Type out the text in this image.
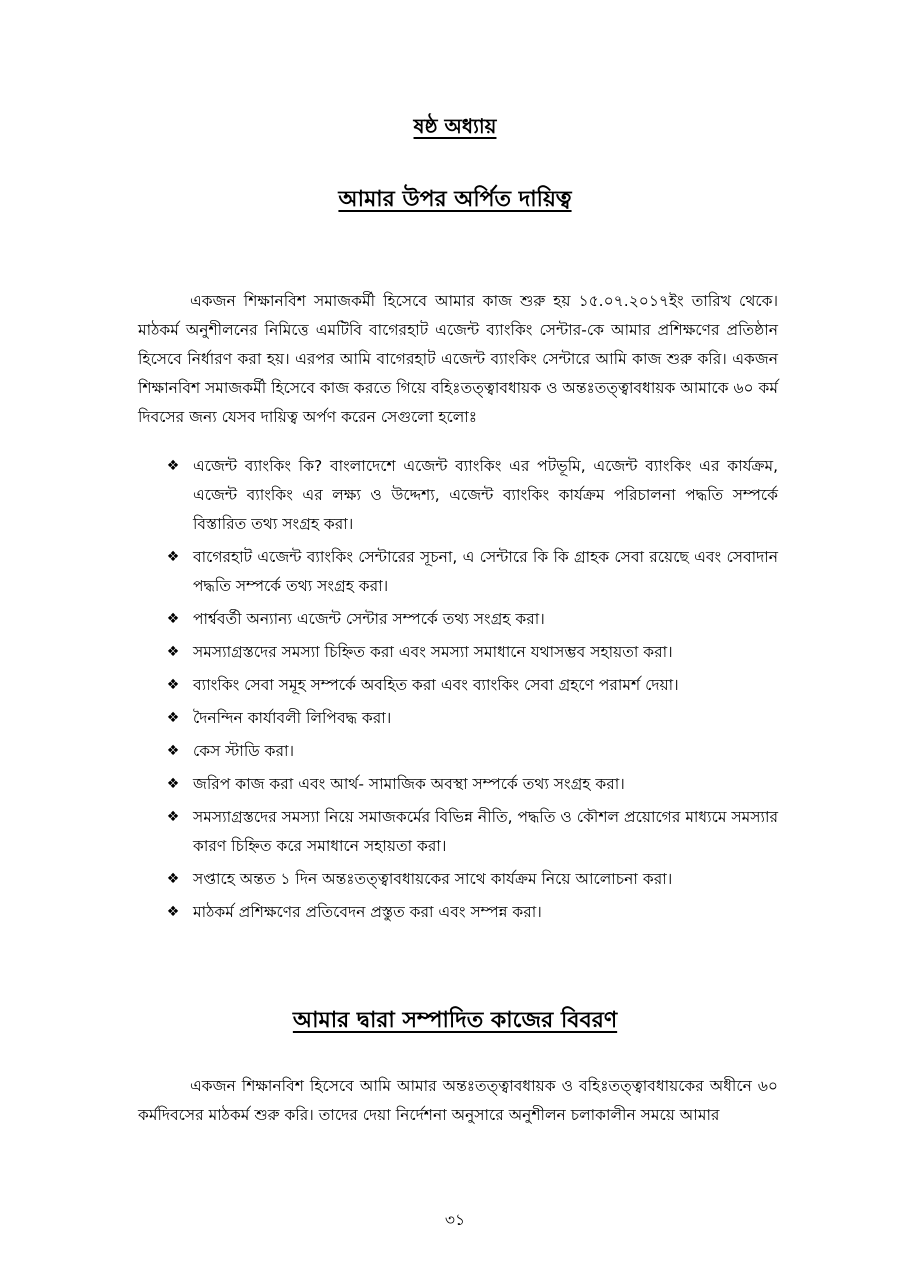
ষষ্ঠ অধ্যায়
আমার উপর অর্পিত দায়িত্ব

একজন শিক্ষানবিশ সমাজকর্মী হিসেবে আমার কাজ শুরু হয় ১৫.০৭.২০১৭ইং তারিখ থেকে। মাঠকর্ম অনুশীলনের নিমিত্তে এমটিবি বাগেরহাট এজেন্ট ব্যাংকিং সেন্টার-কে আমার প্রশিক্ষণের প্রতিষ্ঠান হিসেবে নির্ধারণ করা হয়। এরপর আমি বাগেরহাট এজেন্ট ব্যাংকিং সেন্টারে আমি কাজ শুরু করি। একজন শিক্ষানবিশ সমাজকর্মী হিসেবে কাজ করতে গিয়ে বহিঃতত্ত্বাবধায়ক ও অন্তঃতত্ত্বাবধায়ক আমাকে ৬০ কর্ম দিবসের জন্য যেসব দায়িত্ব অর্পণ করেন সেগুলো হলোঃ

❖ এজেন্ট ব্যাংকিং কি? বাংলাদেশে এজেন্ট ব্যাংকিং এর পটভূমি, এজেন্ট ব্যাংকিং এর কার্যক্রম, এজেন্ট ব্যাংকিং এর লক্ষ্য ও উদ্দেশ্য, এজেন্ট ব্যাংকিং কার্যক্রম পরিচালনা পদ্ধতি সম্পর্কে বিস্তারিত তথ্য সংগ্রহ করা।
❖ বাগেরহাট এজেন্ট ব্যাংকিং সেন্টারের সূচনা, এ সেন্টারে কি কি গ্রাহক সেবা রয়েছে এবং সেবাদান পদ্ধতি সম্পর্কে তথ্য সংগ্রহ করা।
❖ পার্শ্ববর্তী অন্যান্য এজেন্ট সেন্টার সম্পর্কে তথ্য সংগ্রহ করা।
❖ সমস্যাগ্রস্তদের সমস্যা চিহ্নিত করা এবং সমস্যা সমাধানে যথাসম্ভব সহায়তা করা।
❖ ব্যাংকিং সেবা সমূহ সম্পর্কে অবহিত করা এবং ব্যাংকিং সেবা গ্রহণে পরামর্শ দেয়া।
❖ দৈনন্দিন কার্যাবলী লিপিবদ্ধ করা।
❖ কেস স্টাডি করা।
❖ জরিপ কাজ করা এবং আর্থ- সামাজিক অবস্থা সম্পর্কে তথ্য সংগ্রহ করা।
❖ সমস্যাগ্রস্তদের সমস্যা নিয়ে সমাজকর্মের বিভিন্ন নীতি, পদ্ধতি ও কৌশল প্রয়োগের মাধ্যমে সমস্যার কারণ চিহ্নিত করে সমাধানে সহায়তা করা।
❖ সপ্তাহে অন্তত ১ দিন অন্তঃতত্ত্বাবধায়কের সাথে কার্যক্রম নিয়ে আলোচনা করা।
❖ মাঠকর্ম প্রশিক্ষণের প্রতিবেদন প্রস্তুত করা এবং সম্পন্ন করা।
আমার দ্বারা সম্পাদিত কাজের বিবরণ

একজন শিক্ষানবিশ হিসেবে আমি আমার অন্তঃতত্ত্বাবধায়ক ও বহিঃতত্ত্বাবধায়কের অধীনে ৬০ কর্মদিবসের মাঠকর্ম শুরু করি। তাদের দেয়া নির্দেশনা অনুসারে অনুশীলন চলাকালীন সময়ে আমার

৩১
